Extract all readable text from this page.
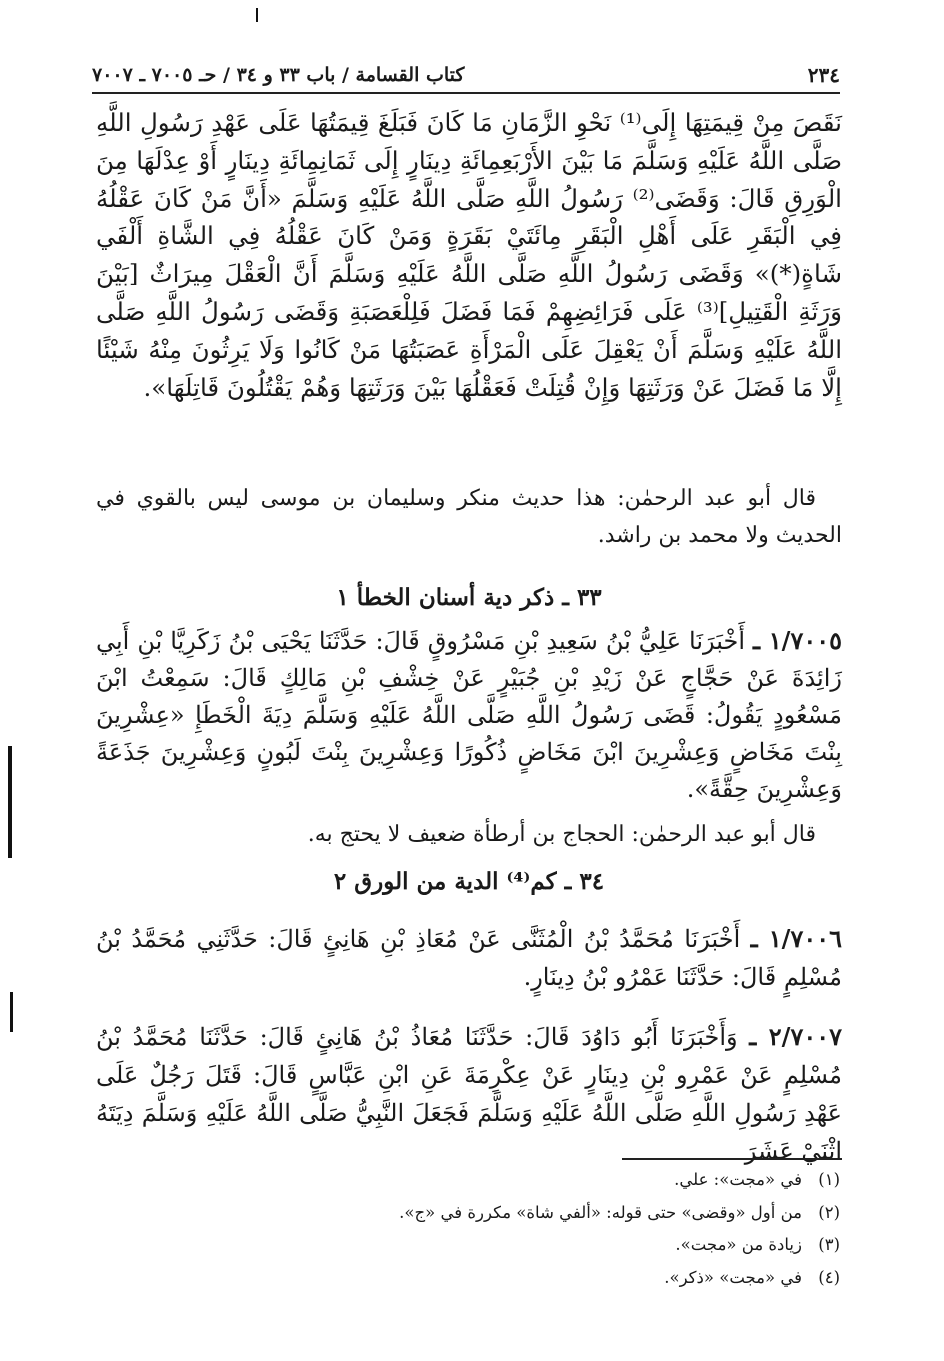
٢٣٤
كتاب القسامة / باب ٣٣ و ٣٤ / حـ ٧٠٠٥ ـ ٧٠٠٧
نَقَصَ مِنْ قِيمَتِهَا إِلَى⁽¹⁾ نَحْوِ الزَّمَانِ مَا كَانَ فَبَلَغَ قِيمَتُهَا عَلَى عَهْدِ رَسُولِ اللَّهِ صَلَّى اللَّهُ عَلَيْهِ وَسَلَّمَ مَا بَيْنَ الأَرْبَعِمِائَةِ دِينَارٍ إِلَى ثَمَانِمِائَةِ دِينَارٍ أَوْ عِدْلَهَا مِنَ الْوَرِقِ قَالَ: وَقَضَى⁽²⁾ رَسُولُ اللَّهِ صَلَّى اللَّهُ عَلَيْهِ وَسَلَّمَ «أَنَّ مَنْ كَانَ عَقْلُهُ فِي الْبَقَرِ عَلَى أَهْلِ الْبَقَرِ مِائَتَيْ بَقَرَةٍ وَمَنْ كَانَ عَقْلُهُ فِي الشَّاةِ أَلْفَي شَاةٍ(*)» وَقَضَى رَسُولُ اللَّهِ صَلَّى اللَّهُ عَلَيْهِ وَسَلَّمَ أَنَّ الْعَقْلَ مِيرَاثٌ [بَيْنَ وَرَثَةِ الْقَتِيلِ]⁽³⁾ عَلَى فَرَائِضِهِمْ فَمَا فَضَلَ فَلِلْعَصَبَةِ وَقَضَى رَسُولُ اللَّهِ صَلَّى اللَّهُ عَلَيْهِ وَسَلَّمَ أَنْ يَعْقِلَ عَلَى الْمَرْأَةِ عَصَبَتُهَا مَنْ كَانُوا وَلَا يَرِثُونَ مِنْهُ شَيْئًا إِلَّا مَا فَضَلَ عَنْ وَرَثَتِهَا وَإِنْ قُتِلَتْ فَعَقْلُهَا بَيْنَ وَرَثَتِهَا وَهُمْ يَقْتُلُونَ قَاتِلَهَا».
قال أبو عبد الرحمٰن: هذا حديث منكر وسليمان بن موسى ليس بالقوي في الحديث ولا محمد بن راشد.
٣٣ ـ ذكر دية أسنان الخطأ ١
١/٧٠٠٥ ـ أَخْبَرَنَا عَلِيُّ بْنُ سَعِيدِ بْنِ مَسْرُوقٍ قَالَ: حَدَّثَنَا يَحْيَى بْنُ زَكَرِيَّا بْنِ أَبِي زَائِدَةَ عَنْ حَجَّاجٍ عَنْ زَيْدِ بْنِ جُبَيْرٍ عَنْ خِشْفِ بْنِ مَالِكٍ قَالَ: سَمِعْتُ ابْنَ مَسْعُودٍ يَقُولُ: قَضَى رَسُولُ اللَّهِ صَلَّى اللَّهُ عَلَيْهِ وَسَلَّمَ دِيَةَ الْخَطَإِ «عِشْرِينَ بِنْتَ مَخَاضٍ وَعِشْرِينَ ابْنَ مَخَاضٍ ذُكُورًا وَعِشْرِينَ بِنْتَ لَبُونٍ وَعِشْرِينَ جَذَعَةً وَعِشْرِينَ حِقَّةً».
قال أبو عبد الرحمٰن: الحجاج بن أرطأة ضعيف لا يحتج به.
٣٤ ـ كم⁽⁴⁾ الدية من الورق ٢
١/٧٠٠٦ ـ أَخْبَرَنَا مُحَمَّدُ بْنُ الْمُثَنَّى عَنْ مُعَاذِ بْنِ هَانِئٍ قَالَ: حَدَّثَنِي مُحَمَّدُ بْنُ مُسْلِمٍ قَالَ: حَدَّثَنَا عَمْرُو بْنُ دِينَارٍ.
٢/٧٠٠٧ ـ وَأَخْبَرَنَا أَبُو دَاوُدَ قَالَ: حَدَّثَنَا مُعَاذُ بْنُ هَانِئٍ قَالَ: حَدَّثَنَا مُحَمَّدُ بْنُ مُسْلِمٍ عَنْ عَمْرِو بْنِ دِينَارٍ عَنْ عِكْرِمَةَ عَنِ ابْنِ عَبَّاسٍ قَالَ: قَتَلَ رَجُلٌ عَلَى عَهْدِ رَسُولِ اللَّهِ صَلَّى اللَّهُ عَلَيْهِ وَسَلَّمَ فَجَعَلَ النَّبِيُّ صَلَّى اللَّهُ عَلَيْهِ وَسَلَّمَ دِيَتَهُ اثْنَيْ عَشَرَ
(١)في «مجت»: علي.
(٢)من أول «وقضى» حتى قوله: «ألفي شاة» مكررة في «ج».
(٣)زيادة من «مجت».
(٤)في «مجت» «ذكر».
